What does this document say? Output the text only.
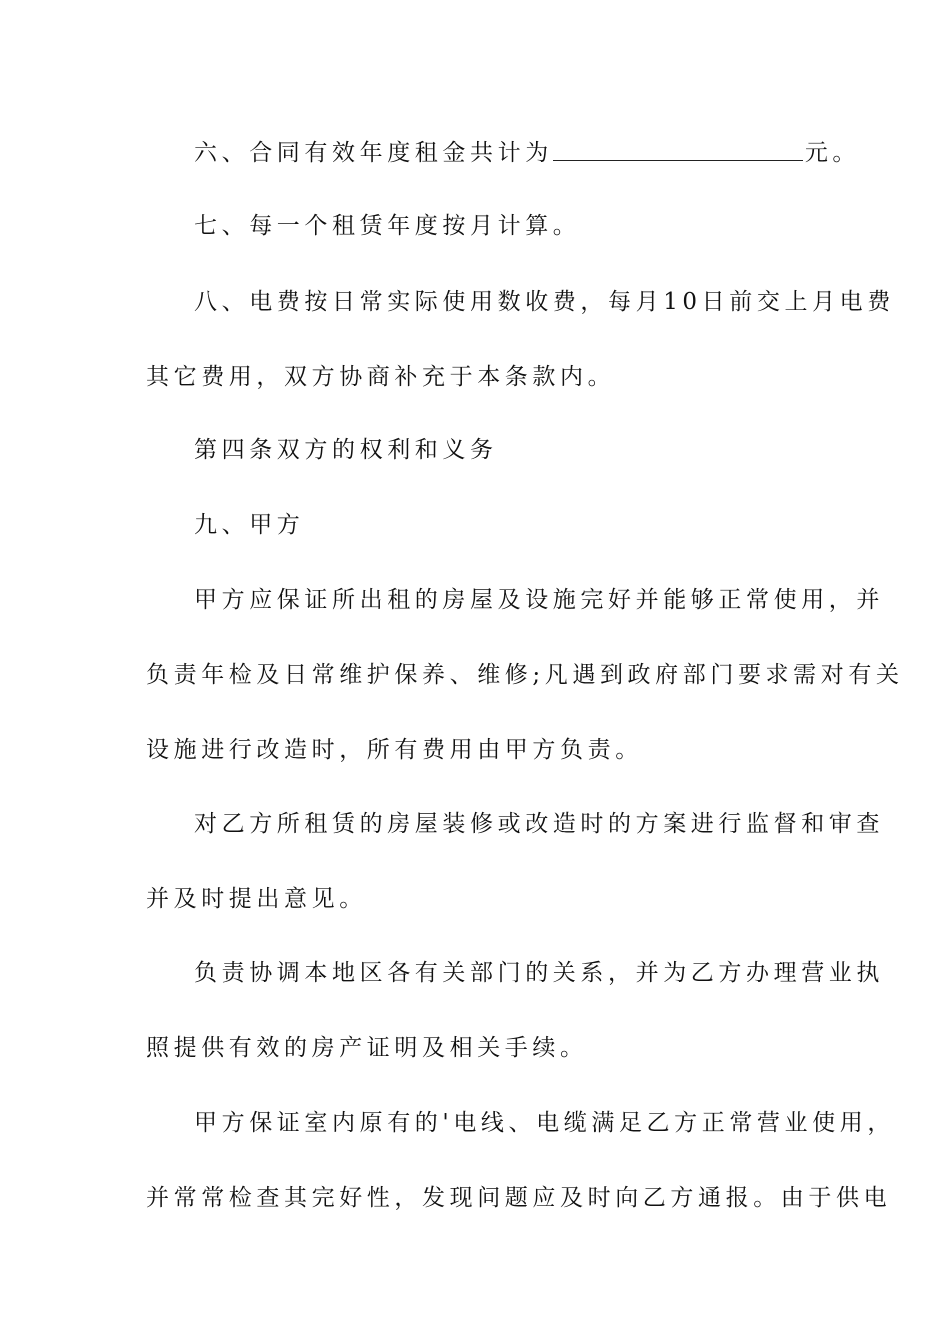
六、合同有效年度租金共计为	元。
七、每一个租赁年度按月计算。
八、电费按日常实际使用数收费，每月10日前交上月电费
其它费用，双方协商补充于本条款内。
第四条双方的权利和义务
九、甲方
甲方应保证所出租的房屋及设施完好并能够正常使用，并
负责年检及日常维护保养、维修;凡遇到政府部门要求需对有关
设施进行改造时，所有费用由甲方负责。
对乙方所租赁的房屋装修或改造时的方案进行监督和审查
并及时提出意见。
负责协调本地区各有关部门的关系，并为乙方办理营业执
照提供有效的房产证明及相关手续。
甲方保证室内原有的'电线、电缆满足乙方正常营业使用，
并常常检查其完好性，发现问题应及时向乙方通报。由于供电
